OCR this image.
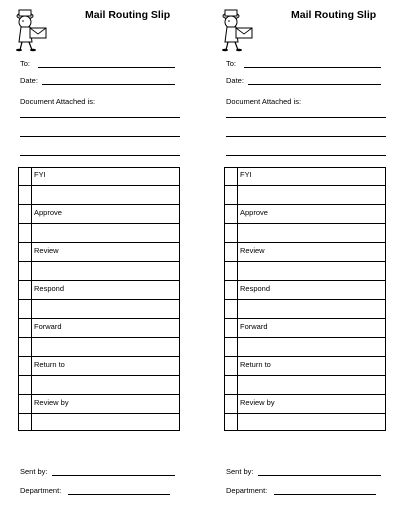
Mail Routing Slip
To:
Date:
Document Attached is:
FYI
Approve
Review
Respond
Forward
Return to
Review by
Sent by:
Department:
Mail Routing Slip
To:
Date:
Document Attached is:
FYI
Approve
Review
Respond
Forward
Return to
Review by
Sent by:
Department:
